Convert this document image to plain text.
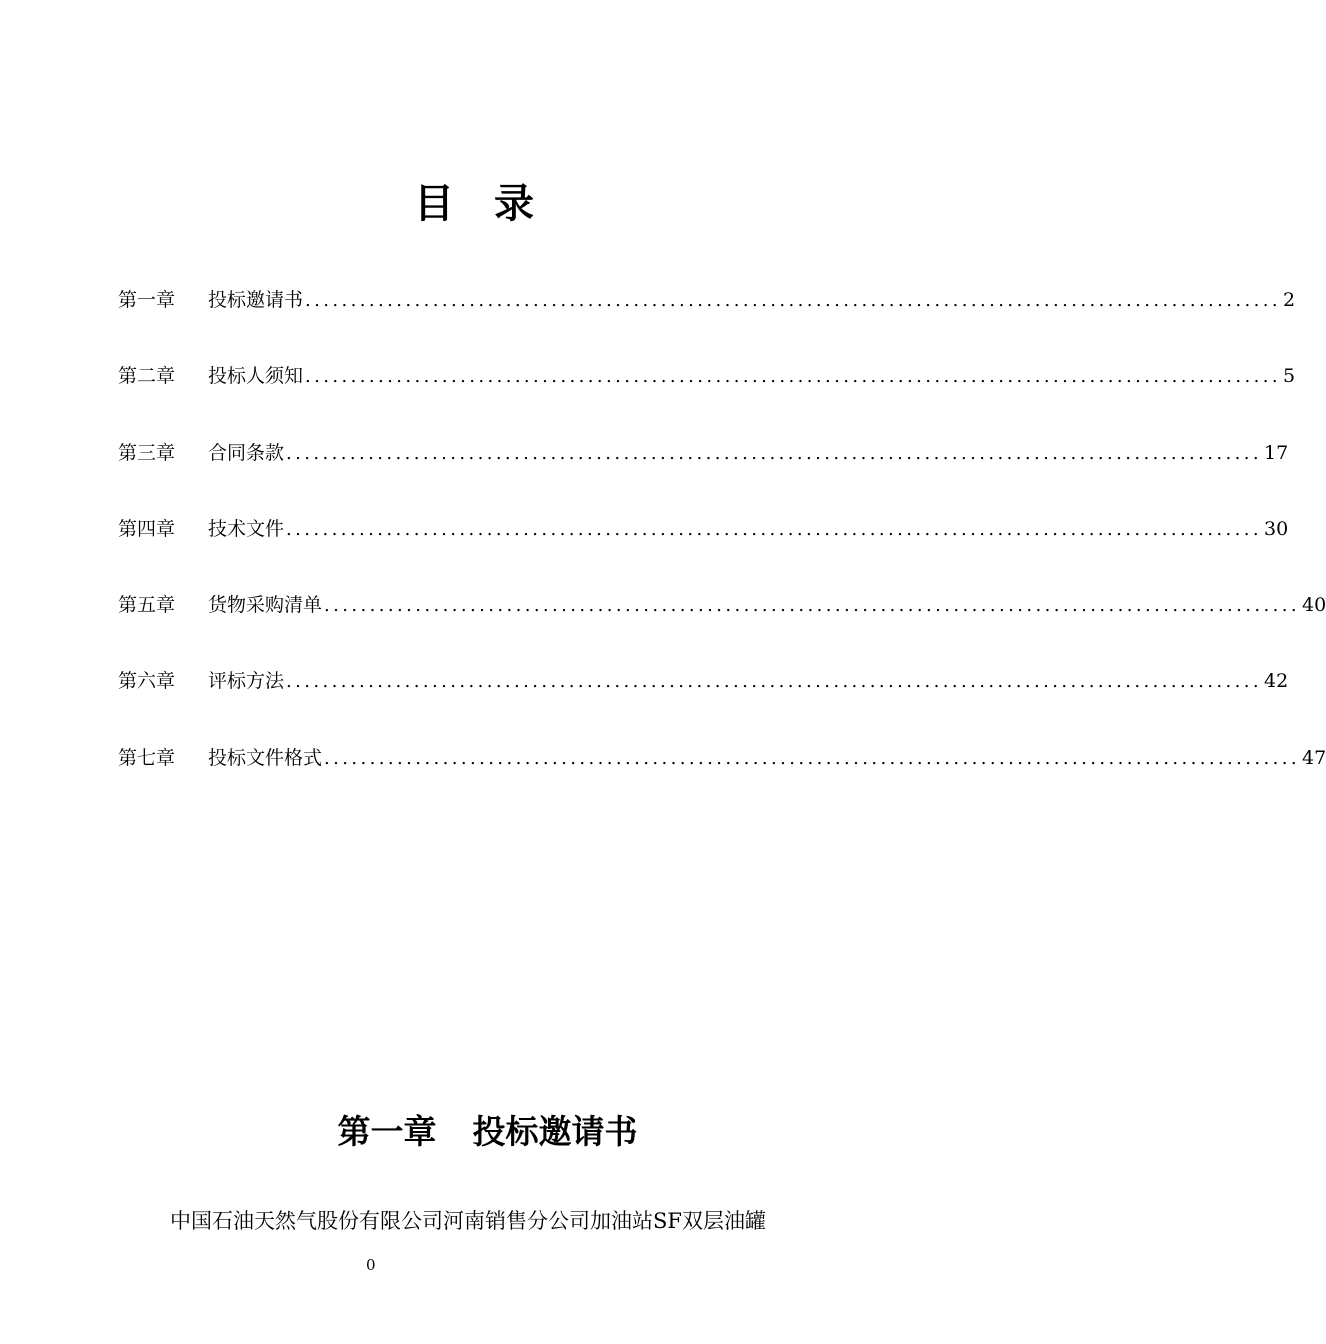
目 录
第一章	投标邀请书 ........................................................................................................... 2
第二章	投标人须知 ........................................................................................................... 5
第三章	合同条款 ........................................................................................................... 17
第四章	技术文件 ........................................................................................................... 30
第五章	货物采购清单 ........................................................................................................... 40
第六章	评标方法 ........................................................................................................... 42
第七章	投标文件格式 ........................................................................................................... 47
第一章 投标邀请书
中国石油天然气股份有限公司河南销售分公司加油站SF双层油罐
0
